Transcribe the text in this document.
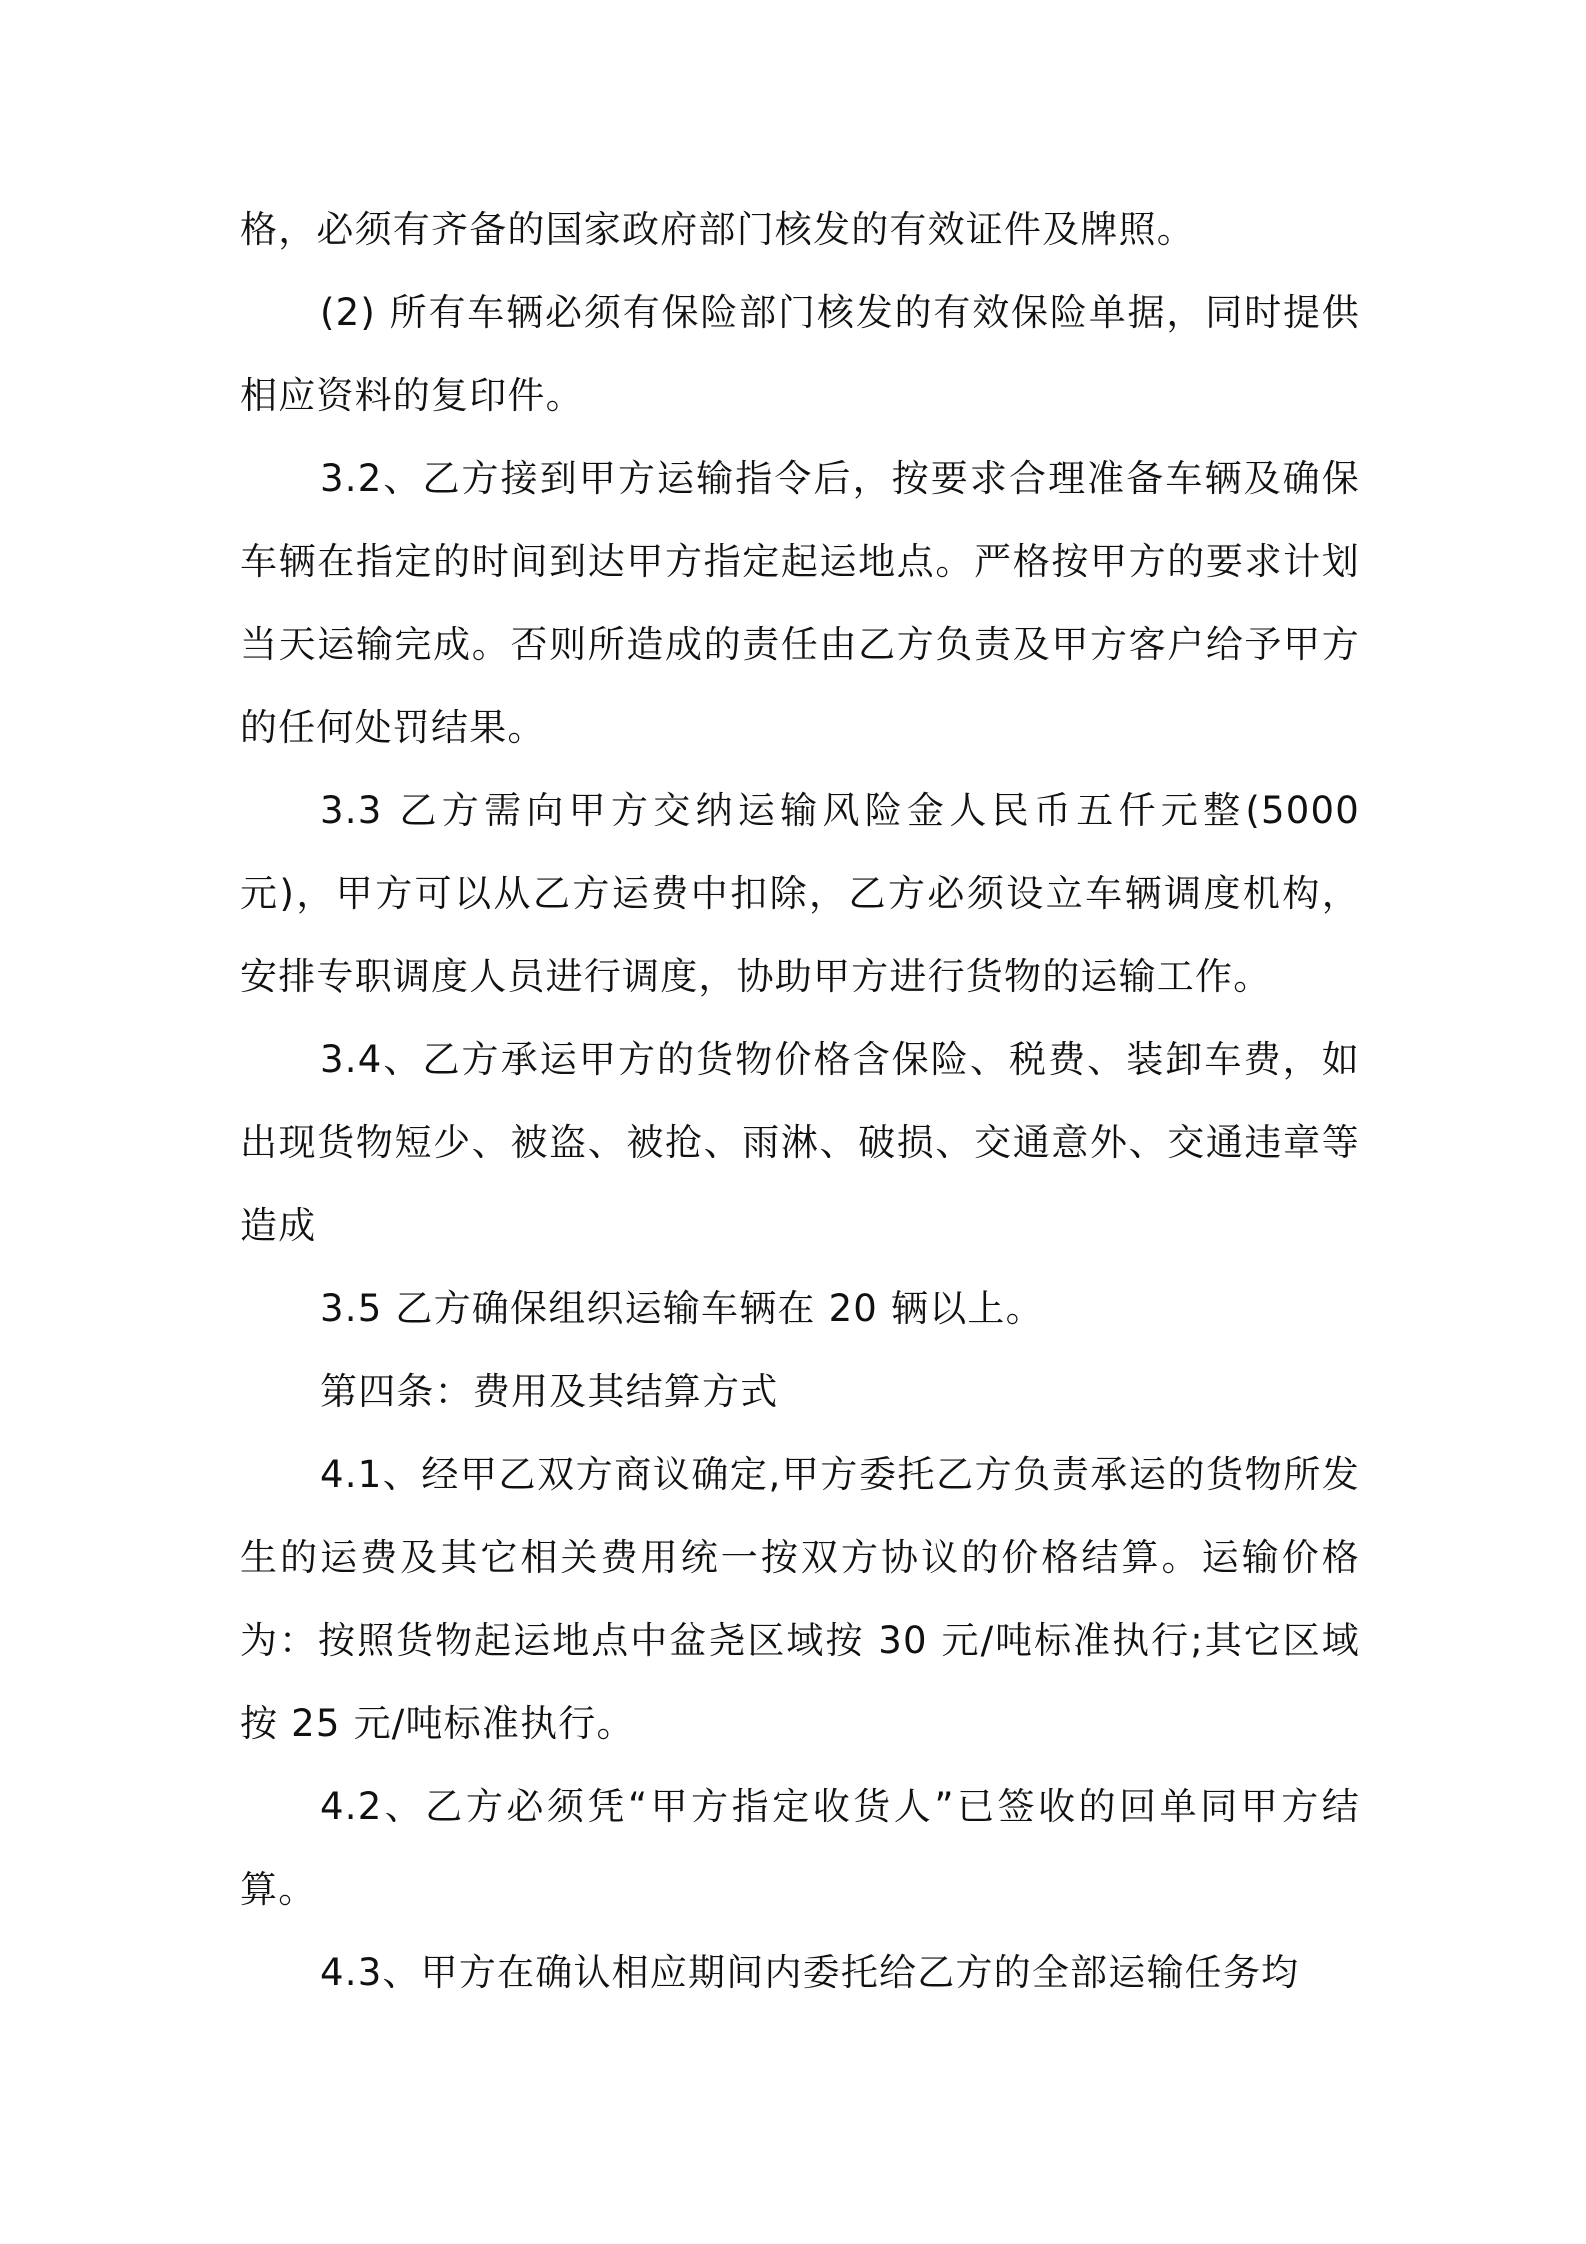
格，必须有齐备的国家政府部门核发的有效证件及牌照。

(2) 所有车辆必须有保险部门核发的有效保险单据，同时提供相应资料的复印件。

3.2、乙方接到甲方运输指令后，按要求合理准备车辆及确保车辆在指定的时间到达甲方指定起运地点。严格按甲方的要求计划当天运输完成。否则所造成的责任由乙方负责及甲方客户给予甲方的任何处罚结果。

3.3 乙方需向甲方交纳运输风险金人民币五仟元整(5000元)，甲方可以从乙方运费中扣除，乙方必须设立车辆调度机构，安排专职调度人员进行调度，协助甲方进行货物的运输工作。

3.4、乙方承运甲方的货物价格含保险、税费、装卸车费，如出现货物短少、被盗、被抢、雨淋、破损、交通意外、交通违章等造成

3.5 乙方确保组织运输车辆在 20 辆以上。

第四条：费用及其结算方式

4.1、经甲乙双方商议确定,甲方委托乙方负责承运的货物所发生的运费及其它相关费用统一按双方协议的价格结算。运输价格为：按照货物起运地点中盆尧区域按 30 元/吨标准执行;其它区域按 25 元/吨标准执行。

4.2、乙方必须凭“甲方指定收货人”已签收的回单同甲方结算。

4.3、甲方在确认相应期间内委托给乙方的全部运输任务均
